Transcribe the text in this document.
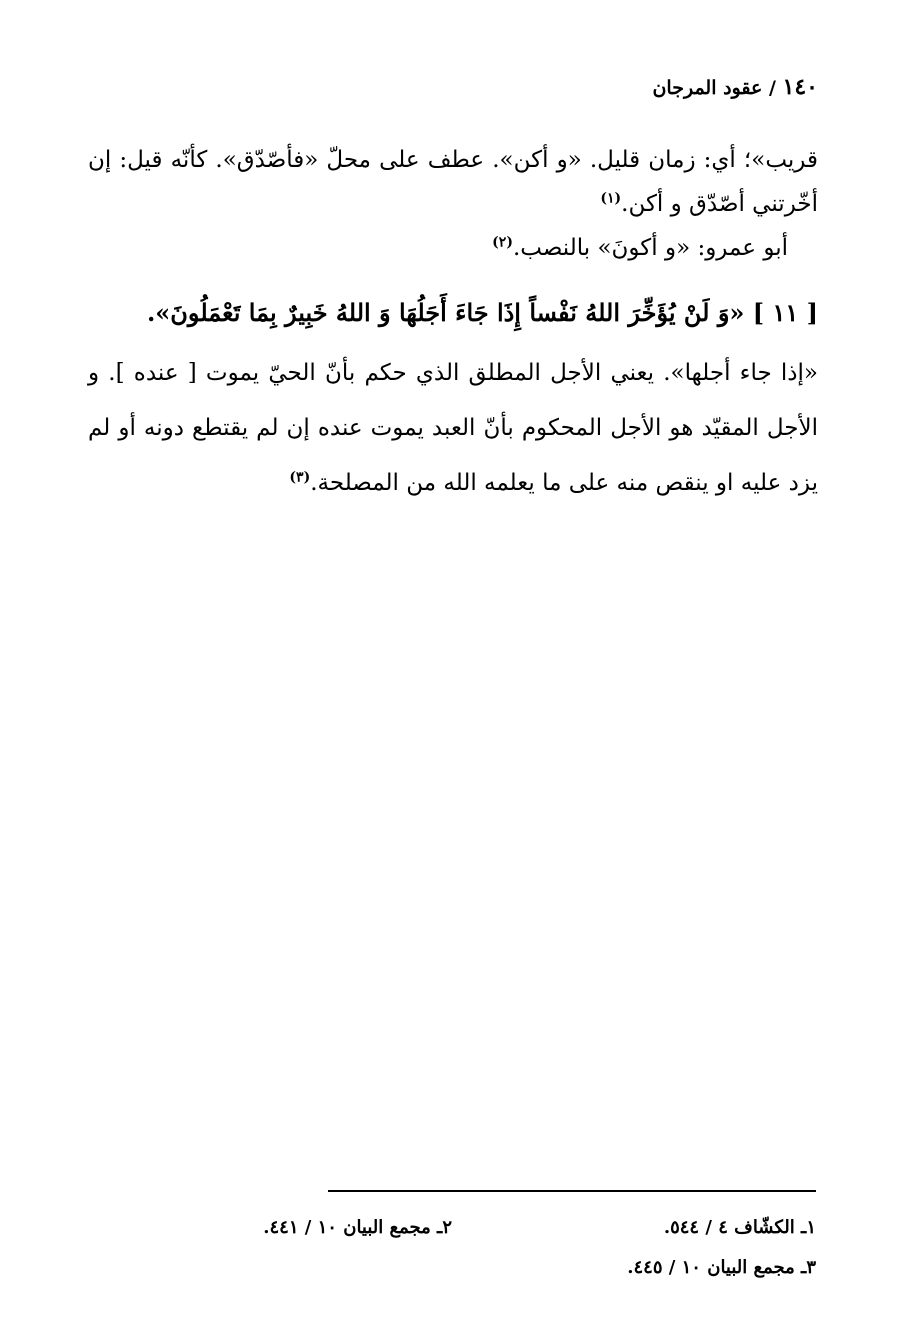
١٤٠ / عقود المرجان

قريب»؛ أي: زمان قليل. «و أكن». عطف على محلّ «فأصّدّق». كأنّه قيل: إن أخّرتني أصّدّق و أكن.$^{(١)}$

أبو عمرو: «و أكونَ» بالنصب.$^{(٢)}$

[ ١١ ] «وَ لَنْ يُؤَخِّرَ اللهُ نَفْساً إِذَا جَاءَ أَجَلُهَا وَ اللهُ خَبِيرٌ بِمَا تَعْمَلُونَ».

«إذا جاء أجلها». يعني الأجل المطلق الذي حكم بأنّ الحيّ يموت [ عنده ]. و الأجل المقيّد هو الأجل المحكوم بأنّ العبد يموت عنده إن لم يقتطع دونه أو لم يزد عليه او ينقص منه على ما يعلمه الله من المصلحة.$^{(٣)}$

١ـ الكشّاف ٤ / ٥٤٤.
٢ـ مجمع البيان ١٠ / ٤٤١.
٣ـ مجمع البيان ١٠ / ٤٤٥.
